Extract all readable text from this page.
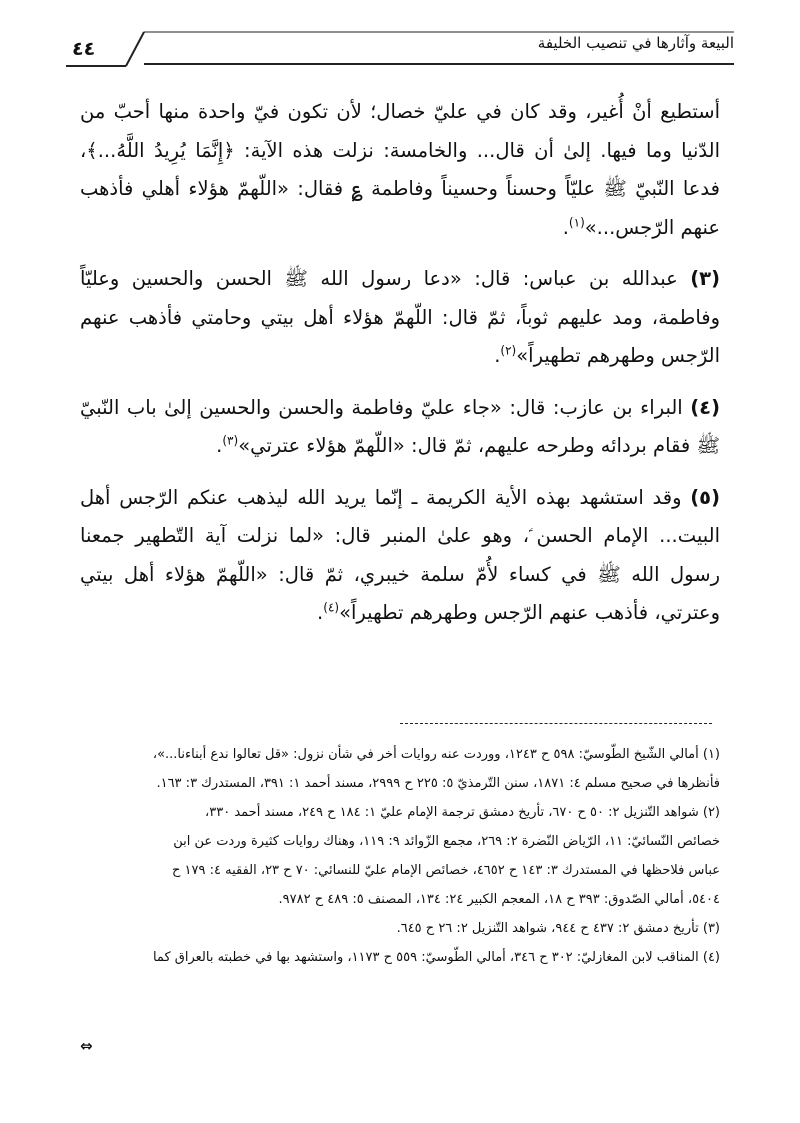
البيعة وآثارها في تنصيب الخليفة
٤٤

أستطيع أنْ أُغير، وقد كان في عليّ خصال؛ لأن تكون فيّ واحدة منها أحبّ من الدّنيا وما فيها. إلىٰ أن قال... والخامسة: نزلت هذه الآية: ﴿إِنَّمَا يُرِيدُ اللَّهُ...﴾، فدعا النّبيّ ﷺ عليّاً وحسناً وحسيناً وفاطمة ؏ فقال: «اللّهمّ هؤلاء أهلي فأذهب عنهم الرّجس...»$^{(١)}$.

(٣) عبدالله بن عباس: قال: «دعا رسول الله ﷺ الحسن والحسين وعليّاً وفاطمة، ومد عليهم ثوباً، ثمّ قال: اللّهمّ هؤلاء أهل بيتي وحامتي فأذهب عنهم الرّجس وطهرهم تطهيراً»$^{(٢)}$.

(٤) البراء بن عازب: قال: «جاء عليّ وفاطمة والحسن والحسين إلىٰ باب النّبيّ ﷺ فقام بردائه وطرحه عليهم، ثمّ قال: «اللّهمّ هؤلاء عترتي»$^{(٣)}$.

(٥) وقد استشهد بهذه الأية الكريمة ـ إنّما يريد الله ليذهب عنكم الرّجس أهل البيت... الإمام الحسن ؑ، وهو علىٰ المنبر قال: «لما نزلت آية التّطهير جمعنا رسول الله ﷺ في كساء لأُمّ سلمة خيبري، ثمّ قال: «اللّهمّ هؤلاء أهل بيتي وعترتي، فأذهب عنهم الرّجس وطهرهم تطهيراً»$^{(٤)}$.

(١) أمالي الشّيخ الطّوسيّ: ٥٩٨ ح ١٢٤٣، ووردت عنه روايات أخر في شأن نزول: «قل تعالوا ندع أبناءنا...»،

فأنظرها في صحيح مسلم ٤: ١٨٧١، سنن التّرمذيّ ٥: ٢٢٥ ح ٢٩٩٩، مسند أحمد ١: ٣٩١، المستدرك ٣: ١٦٣.

(٢) شواهد التّنزيل ٢: ٥٠ ح ٦٧٠، تأريخ دمشق ترجمة الإمام عليّ ١: ١٨٤ ح ٢٤٩، مسند أحمد ٣٣٠،

خصائص النّسائيّ: ١١، الرّياض النّضرة ٢: ٢٦٩، مجمع الزّوائد ٩: ١١٩، وهناك روايات كثيرة وردت عن ابن

عباس فلاحظها في المستدرك ٣: ١٤٣ ح ٤٦٥٢، خصائص الإمام عليّ للنسائي: ٧٠ ح ٢٣، الفقيه ٤: ١٧٩ ح

٥٤٠٤، أمالي الصّدوق: ٣٩٣ ح ١٨، المعجم الكبير ٢٤: ١٣٤، المصنف ٥: ٤٨٩ ح ٩٧٨٢.

(٣) تأريخ دمشق ٢: ٤٣٧ ح ٩٤٤، شواهد التّنزيل ٢: ٢٦ ح ٦٤٥.

(٤) المناقب لابن المغازليّ: ٣٠٢ ح ٣٤٦، أمالي الطّوسيّ: ٥٥٩ ح ١١٧٣، واستشهد بها في خطبته بالعراق كما

⇔
